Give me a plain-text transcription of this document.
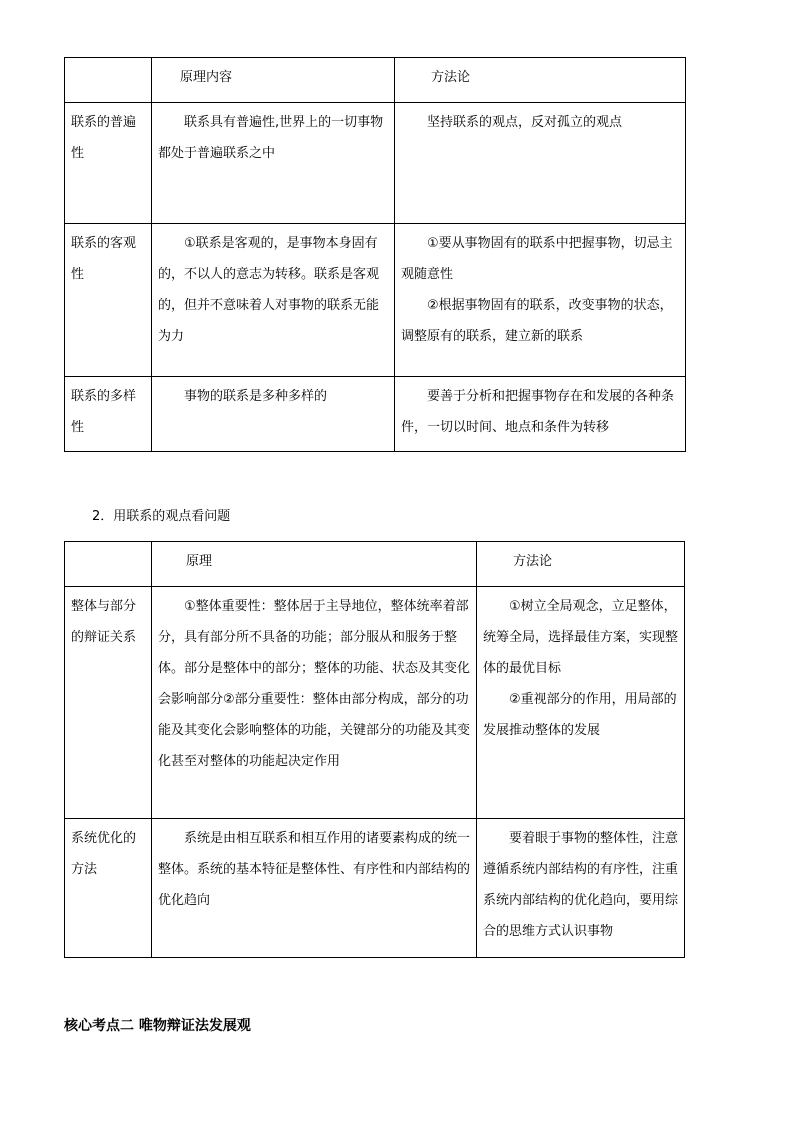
	原理内容	方法论
联系的普遍性	联系具有普遍性,世界上的一切事物都处于普遍联系之中	坚持联系的观点，反对孤立的观点

联系的客观性	①联系是客观的，是事物本身固有的，不以人的意志为转移。联系是客观的，但并不意味着人对事物的联系无能为力	①要从事物固有的联系中把握事物，切忌主观随意性

②根据事物固有的联系，改变事物的状态，调整原有的联系，建立新的联系

联系的多样性	事物的联系是多种多样的	要善于分析和把握事物存在和发展的各种条件，一切以时间、地点和条件为转移

2．用联系的观点看问题
	原理	方法论
整体与部分的辩证关系	①整体重要性：整体居于主导地位，整体统率着部分，具有部分所不具备的功能；部分服从和服务于整体。部分是整体中的部分；整体的功能、状态及其变化会影响部分②部分重要性：整体由部分构成，部分的功能及其变化会影响整体的功能，关键部分的功能及其变化甚至对整体的功能起决定作用	①树立全局观念，立足整体，统筹全局，选择最佳方案，实现整体的最优目标

②重视部分的作用，用局部的发展推动整体的发展

系统优化的方法	系统是由相互联系和相互作用的诸要素构成的统一整体。系统的基本特征是整体性、有序性和内部结构的优化趋向	要着眼于事物的整体性，注意遵循系统内部结构的有序性，注重系统内部结构的优化趋向，要用综合的思维方式认识事物

核心考点二 唯物辩证法发展观
